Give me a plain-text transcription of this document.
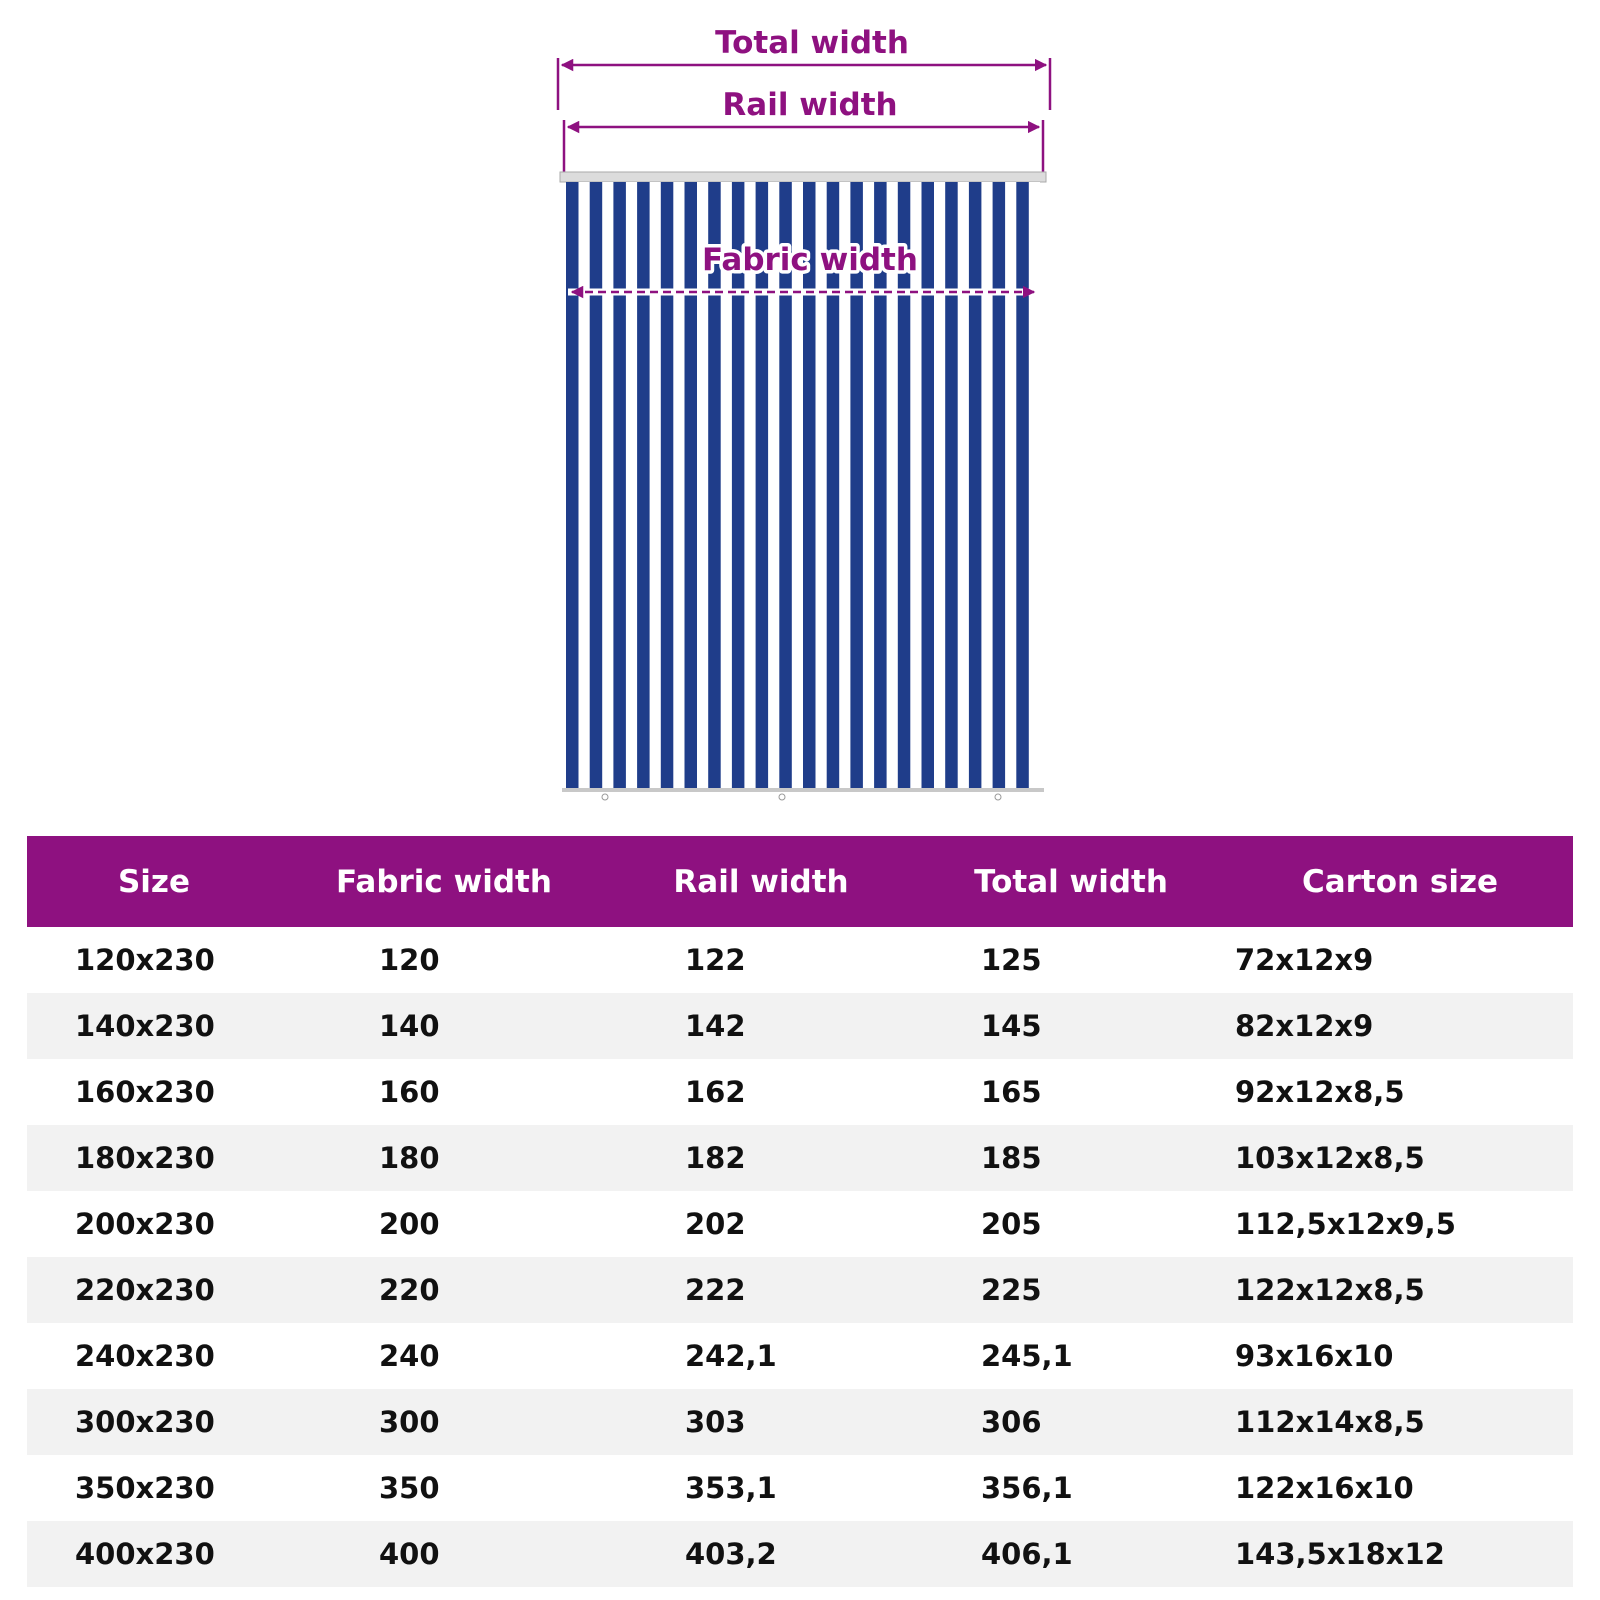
Total width
Rail width
Fabric width
Size	Fabric width	Rail width	Total width	Carton size
120x230	120	122	125	72x12x9
140x230	140	142	145	82x12x9
160x230	160	162	165	92x12x8,5
180x230	180	182	185	103x12x8,5
200x230	200	202	205	112,5x12x9,5
220x230	220	222	225	122x12x8,5
240x230	240	242,1	245,1	93x16x10
300x230	300	303	306	112x14x8,5
350x230	350	353,1	356,1	122x16x10
400x230	400	403,2	406,1	143,5x18x12
